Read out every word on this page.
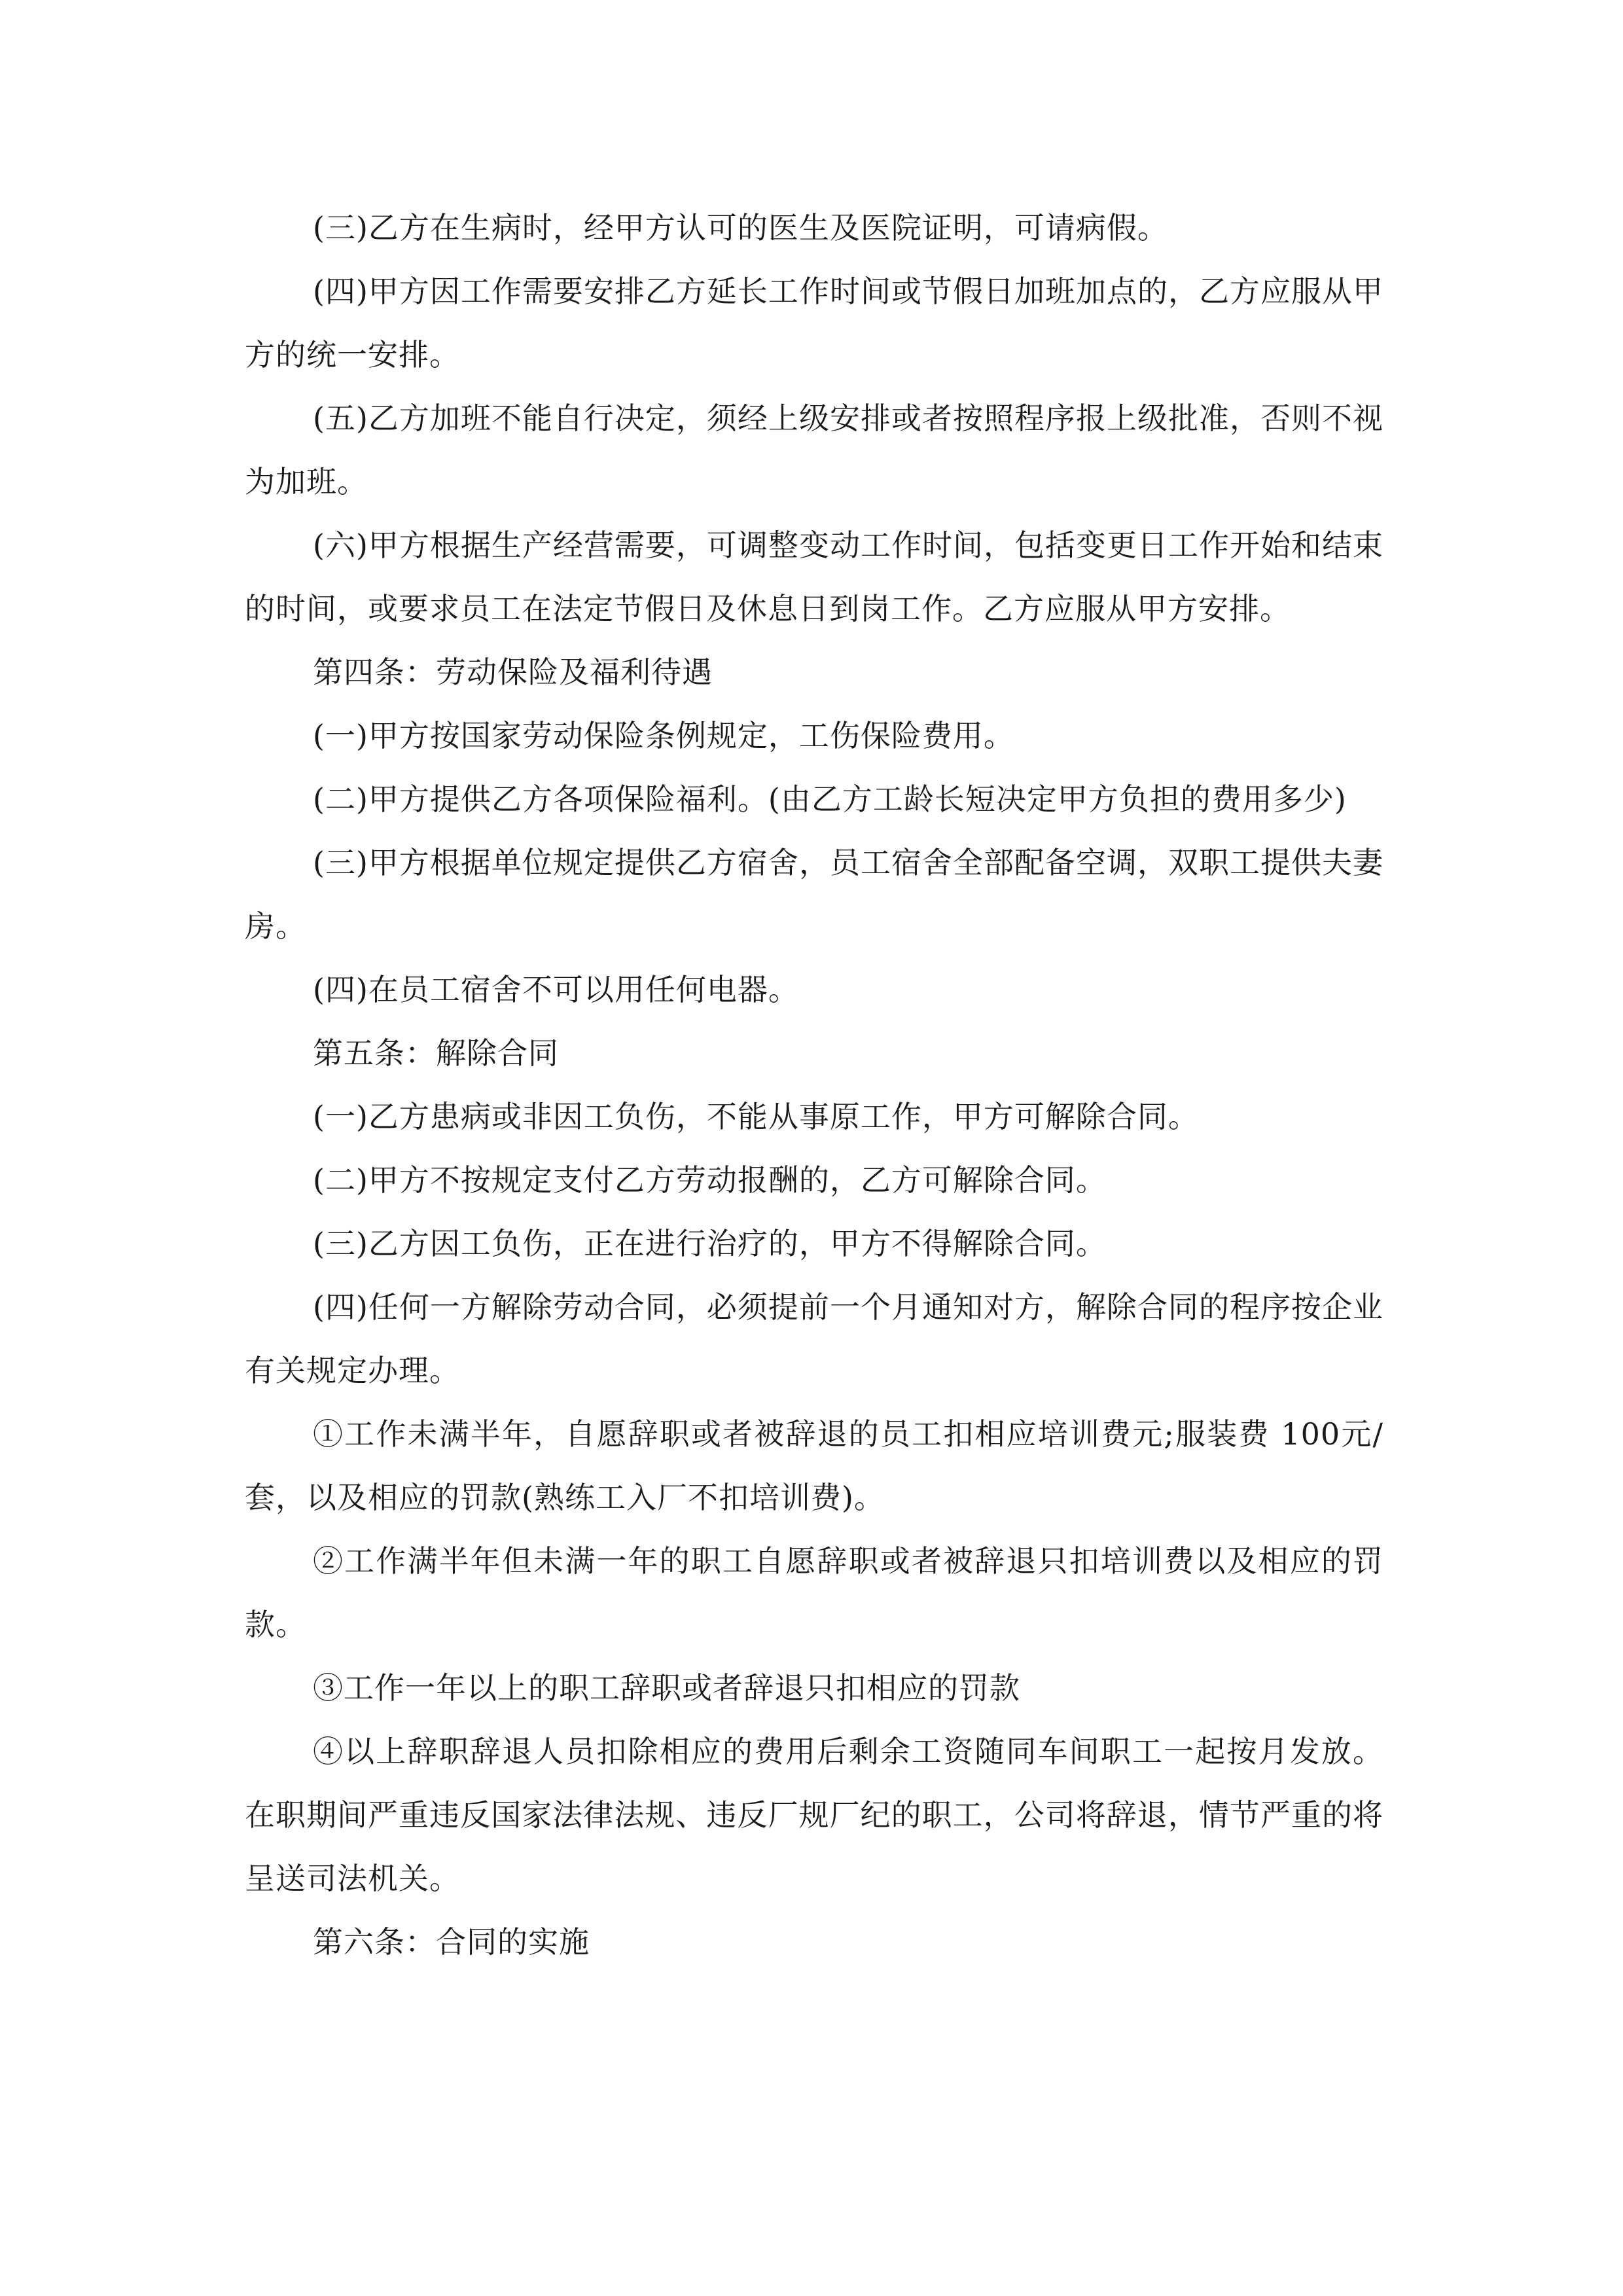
(三)乙方在生病时，经甲方认可的医生及医院证明，可请病假。

(四)甲方因工作需要安排乙方延长工作时间或节假日加班加点的，乙方应服从甲方的统一安排。

(五)乙方加班不能自行决定，须经上级安排或者按照程序报上级批准，否则不视为加班。

(六)甲方根据生产经营需要，可调整变动工作时间，包括变更日工作开始和结束的时间，或要求员工在法定节假日及休息日到岗工作。乙方应服从甲方安排。

第四条：劳动保险及福利待遇

(一)甲方按国家劳动保险条例规定，工伤保险费用。

(二)甲方提供乙方各项保险福利。(由乙方工龄长短决定甲方负担的费用多少)

(三)甲方根据单位规定提供乙方宿舍，员工宿舍全部配备空调，双职工提供夫妻房。

(四)在员工宿舍不可以用任何电器。

第五条：解除合同

(一)乙方患病或非因工负伤，不能从事原工作，甲方可解除合同。

(二)甲方不按规定支付乙方劳动报酬的，乙方可解除合同。

(三)乙方因工负伤，正在进行治疗的，甲方不得解除合同。

(四)任何一方解除劳动合同，必须提前一个月通知对方，解除合同的程序按企业有关规定办理。

①工作未满半年，自愿辞职或者被辞退的员工扣相应培训费元;服装费 100元/套，以及相应的罚款(熟练工入厂不扣培训费)。

②工作满半年但未满一年的职工自愿辞职或者被辞退只扣培训费以及相应的罚款。

③工作一年以上的职工辞职或者辞退只扣相应的罚款

④以上辞职辞退人员扣除相应的费用后剩余工资随同车间职工一起按月发放。在职期间严重违反国家法律法规、违反厂规厂纪的职工，公司将辞退，情节严重的将呈送司法机关。

第六条：合同的实施
